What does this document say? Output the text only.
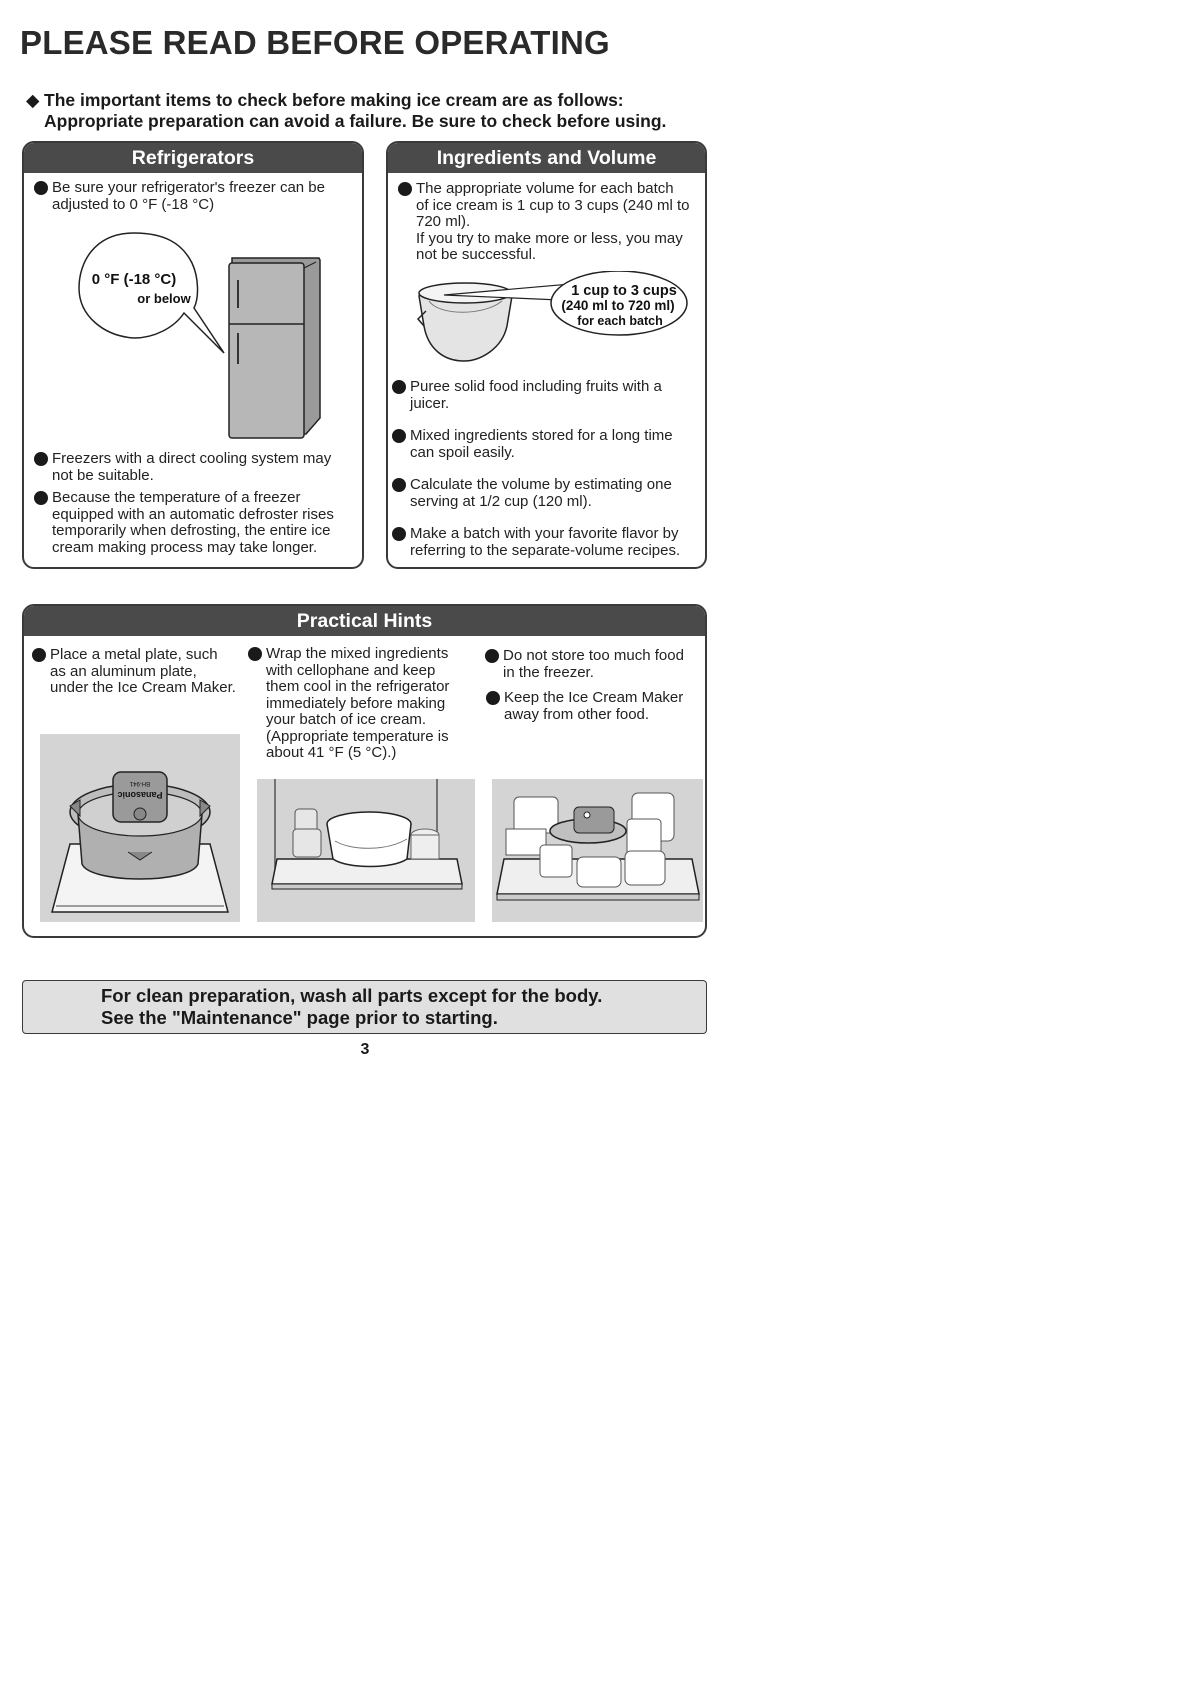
PLEASE READ BEFORE OPERATING
◆ The important items to check before making ice cream are as follows:
Appropriate preparation can avoid a failure. Be sure to check before using.
Refrigerators
Be sure your refrigerator's freezer can be
adjusted to 0 °F (-18 °C)
0 °F (-18 °C)
or below
Freezers with a direct cooling system may
not be suitable.
Because the temperature of a freezer
equipped with an automatic defroster rises
temporarily when defrosting, the entire ice
cream making process may take longer.
Ingredients and Volume
The appropriate volume for each batch
of ice cream is 1 cup to 3 cups (240 ml to
720 ml).
If you try to make more or less, you may
not be successful.
1 cup to 3 cups
(240 ml to 720 ml)
for each batch
Puree solid food including fruits with a
juicer.
Mixed ingredients stored for a long time
can spoil easily.
Calculate the volume by estimating one
serving at 1/2 cup (120 ml).
Make a batch with your favorite flavor by
referring to the separate-volume recipes.
Practical Hints
Place a metal plate, such
as an aluminum plate,
under the Ice Cream Maker.
Wrap the mixed ingredients
with cellophane and keep
them cool in the refrigerator
immediately before making
your batch of ice cream.
(Appropriate temperature is
about 41 °F (5 °C).)
Do not store too much food
in the freezer.
Keep the Ice Cream Maker
away from other food.
Panasonic
BH-941
For clean preparation, wash all parts except for the body.
See the "Maintenance" page prior to starting.
3
